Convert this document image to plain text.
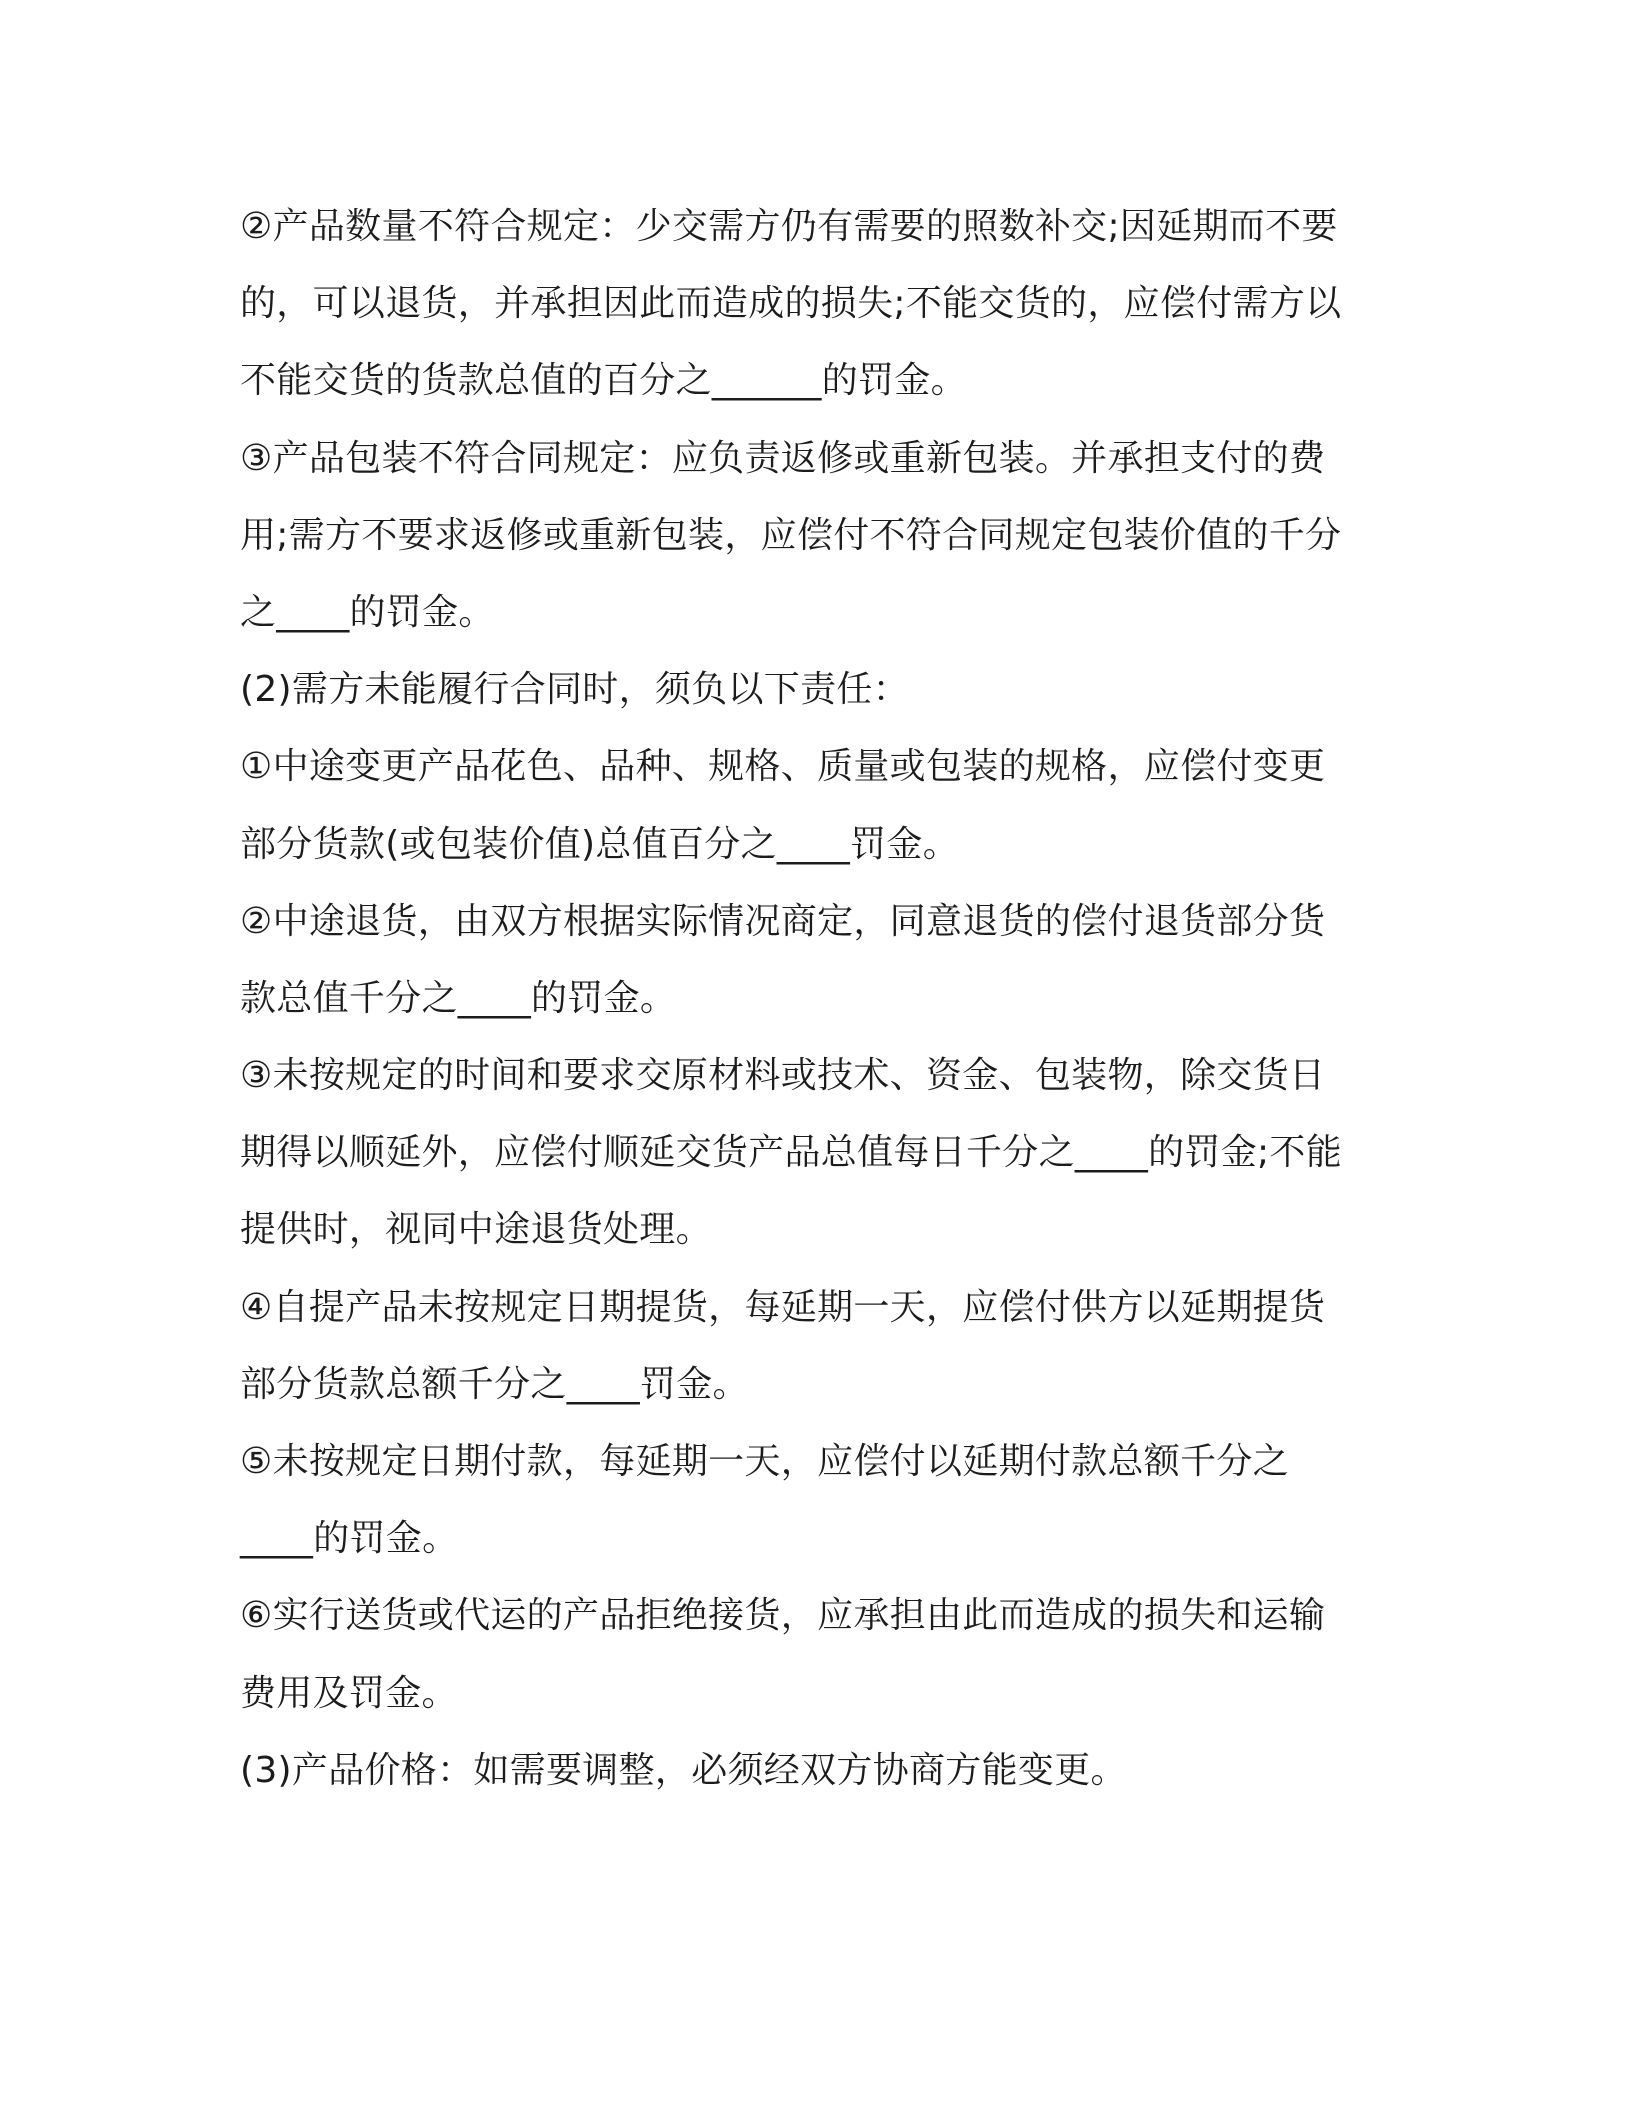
②产品数量不符合规定：少交需方仍有需要的照数补交;因延期而不要
的，可以退货，并承担因此而造成的损失;不能交货的，应偿付需方以
不能交货的货款总值的百分之______的罚金。
③产品包装不符合同规定：应负责返修或重新包装。并承担支付的费
用;需方不要求返修或重新包装，应偿付不符合同规定包装价值的千分
之____的罚金。
(2)需方未能履行合同时，须负以下责任：
①中途变更产品花色、品种、规格、质量或包装的规格，应偿付变更
部分货款(或包装价值)总值百分之____罚金。
②中途退货，由双方根据实际情况商定，同意退货的偿付退货部分货
款总值千分之____的罚金。
③未按规定的时间和要求交原材料或技术、资金、包装物，除交货日
期得以顺延外，应偿付顺延交货产品总值每日千分之____的罚金;不能
提供时，视同中途退货处理。
④自提产品未按规定日期提货，每延期一天，应偿付供方以延期提货
部分货款总额千分之____罚金。
⑤未按规定日期付款，每延期一天，应偿付以延期付款总额千分之
____的罚金。
⑥实行送货或代运的产品拒绝接货，应承担由此而造成的损失和运输
费用及罚金。
(3)产品价格：如需要调整，必须经双方协商方能变更。
